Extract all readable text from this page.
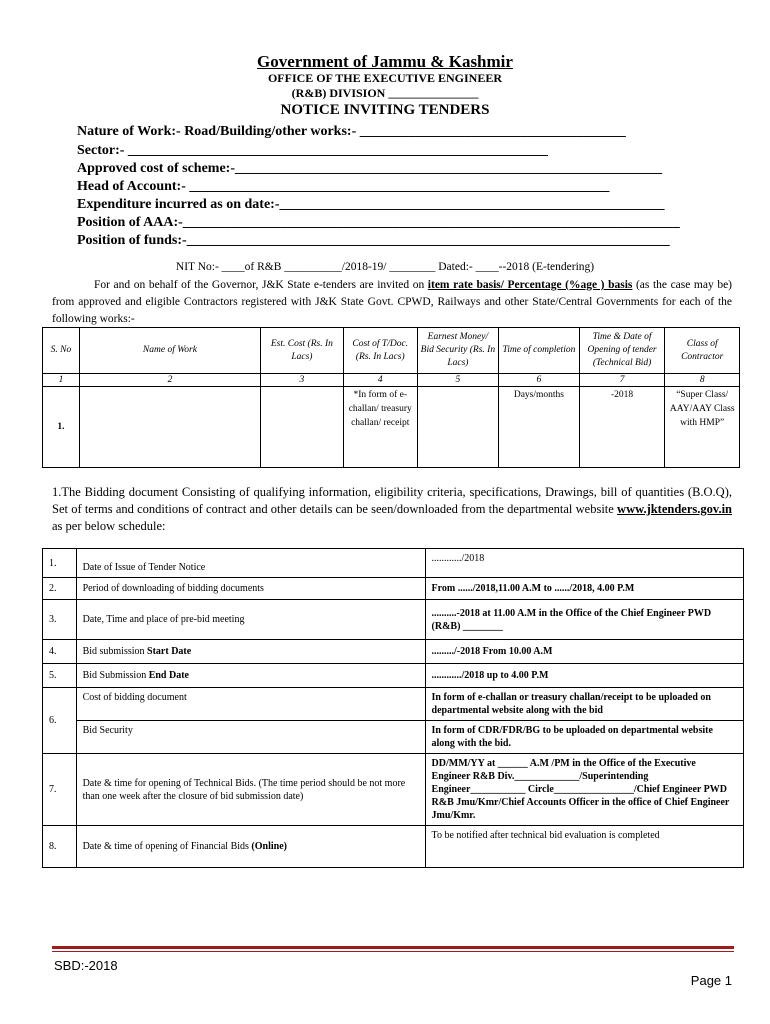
Government of Jammu & Kashmir
OFFICE OF THE EXECUTIVE ENGINEER
(R&B) DIVISION _______________
NOTICE INVITING TENDERS
Nature of Work:- Road/Building/other works:- ______________________________________
Sector:- ____________________________________________________________
Approved cost of scheme:-_____________________________________________________________
Head of Account:- ____________________________________________________________
Expenditure incurred as on date:-_______________________________________________________
Position of AAA:-_______________________________________________________________________
Position of funds:-_____________________________________________________________________
NIT No:- ____of R&B __________/2018-19/ ________ Dated:- ____--2018 (E-tendering)
For and on behalf of the Governor, J&K State e-tenders are invited on item rate basis/ Percentage (%age ) basis (as the case may be) from approved and eligible Contractors registered with J&K State Govt. CPWD, Railways and other State/Central Governments for each of the following works:-
S. No	Name of Work	Est. Cost (Rs. In Lacs)	Cost of T/Doc. (Rs. In Lacs)	Earnest Money/ Bid Security (Rs. In Lacs)	Time of completion	Time & Date of Opening of tender (Technical Bid)	Class of Contractor
1	2	3	4	5	6	7	8
1.			*In form of e-challan/ treasury challan/ receipt		Days/months	-2018	“Super Class/ AAY/AAY Class with HMP”
1.The Bidding document Consisting of qualifying information, eligibility criteria, specifications, Drawings, bill of quantities (B.O.Q), Set of terms and conditions of contract and other details can be seen/downloaded from the departmental website www.jktenders.gov.in as per below schedule:
1.	Date of Issue of Tender Notice	............/2018
2.	Period of downloading of bidding documents	From ....../2018,11.00 A.M to ....../2018, 4.00 P.M
3.	Date, Time and place of pre-bid meeting	..........-2018 at 11.00 A.M in the Office of the Chief Engineer PWD (R&B) ________
4.	Bid submission Start Date	........./-2018 From 10.00 A.M
5.	Bid Submission End Date	............/2018 up to 4.00 P.M
6.	Cost of bidding document	In form of e-challan or treasury challan/receipt to be uploaded on departmental website along with the bid
	Bid Security	In form of CDR/FDR/BG to be uploaded on departmental website along with the bid.
7.	Date & time for opening of Technical Bids. (The time period should be not more than one week after the closure of bid submission date)	DD/MM/YY at ______ A.M /PM in the Office of the Executive Engineer R&B Div._____________/Superintending Engineer___________ Circle________________/Chief Engineer PWD R&B Jmu/Kmr/Chief Accounts Officer in the office of Chief Engineer Jmu/Kmr.
8.	Date & time of opening of Financial Bids (Online)	To be notified after technical bid evaluation is completed
SBD:-2018
Page 1
